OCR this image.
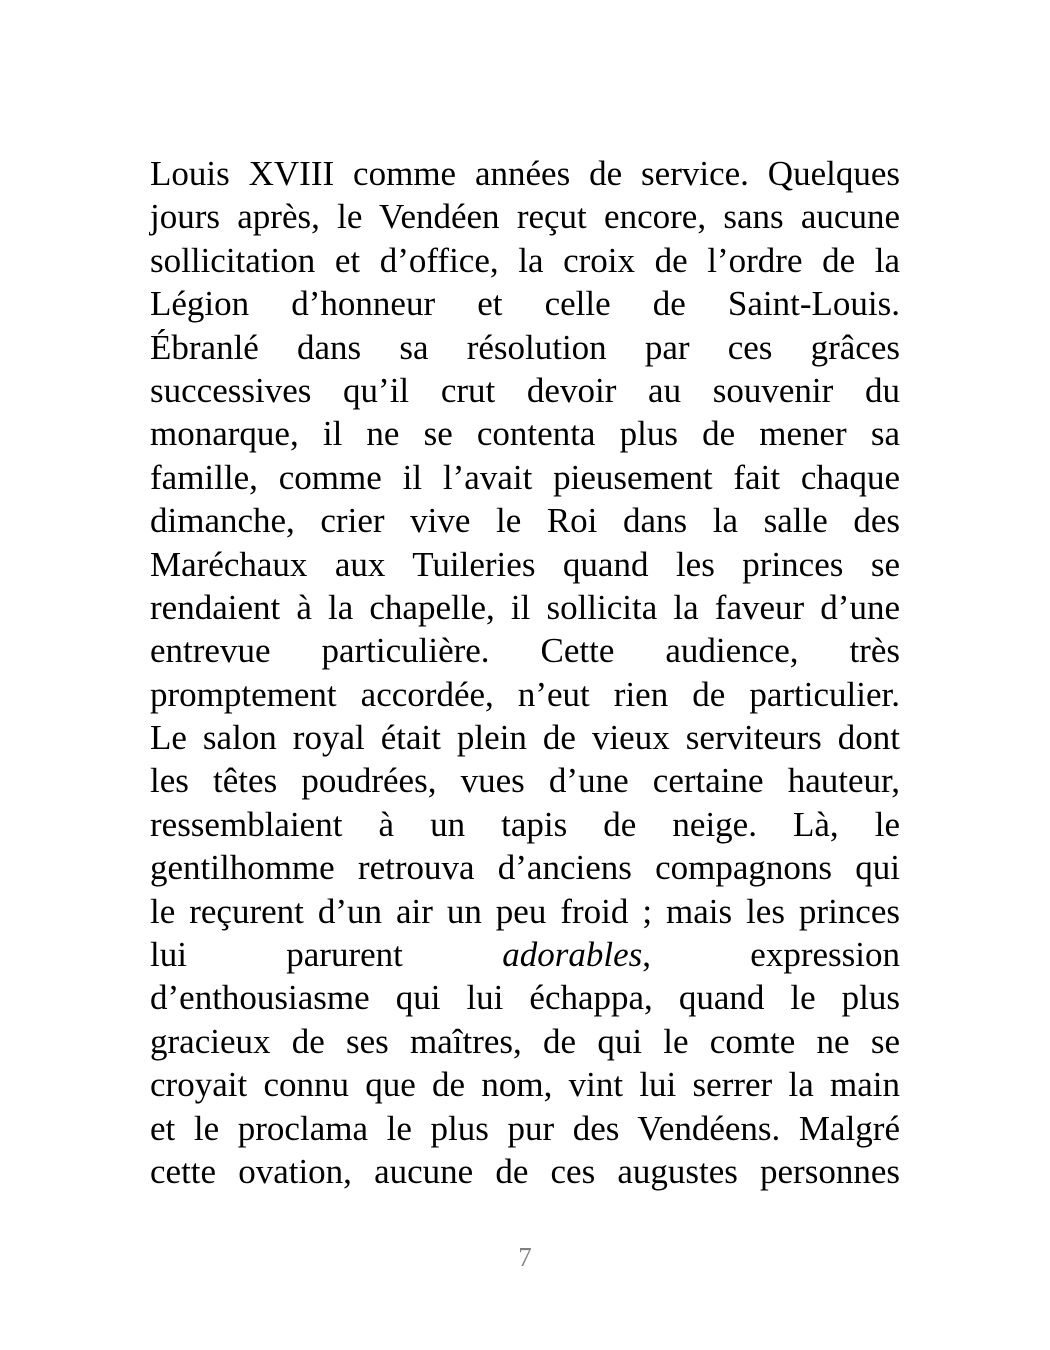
Louis XVIII comme années de service. Quelques
jours après, le Vendéen reçut encore, sans aucune
sollicitation et d’office, la croix de l’ordre de la
Légion d’honneur et celle de Saint-Louis.
Ébranlé dans sa résolution par ces grâces
successives qu’il crut devoir au souvenir du
monarque, il ne se contenta plus de mener sa
famille, comme il l’avait pieusement fait chaque
dimanche, crier vive le Roi dans la salle des
Maréchaux aux Tuileries quand les princes se
rendaient à la chapelle, il sollicita la faveur d’une
entrevue particulière. Cette audience, très
promptement accordée, n’eut rien de particulier.
Le salon royal était plein de vieux serviteurs dont
les têtes poudrées, vues d’une certaine hauteur,
ressemblaient à un tapis de neige. Là, le
gentilhomme retrouva d’anciens compagnons qui
le reçurent d’un air un peu froid ; mais les princes
lui parurent	adorables, expression
d’enthousiasme qui lui échappa, quand le plus
gracieux de ses maîtres, de qui le comte ne se
croyait connu que de nom, vint lui serrer la main
et le proclama le plus pur des Vendéens. Malgré
cette ovation, aucune de ces augustes personnes
7
